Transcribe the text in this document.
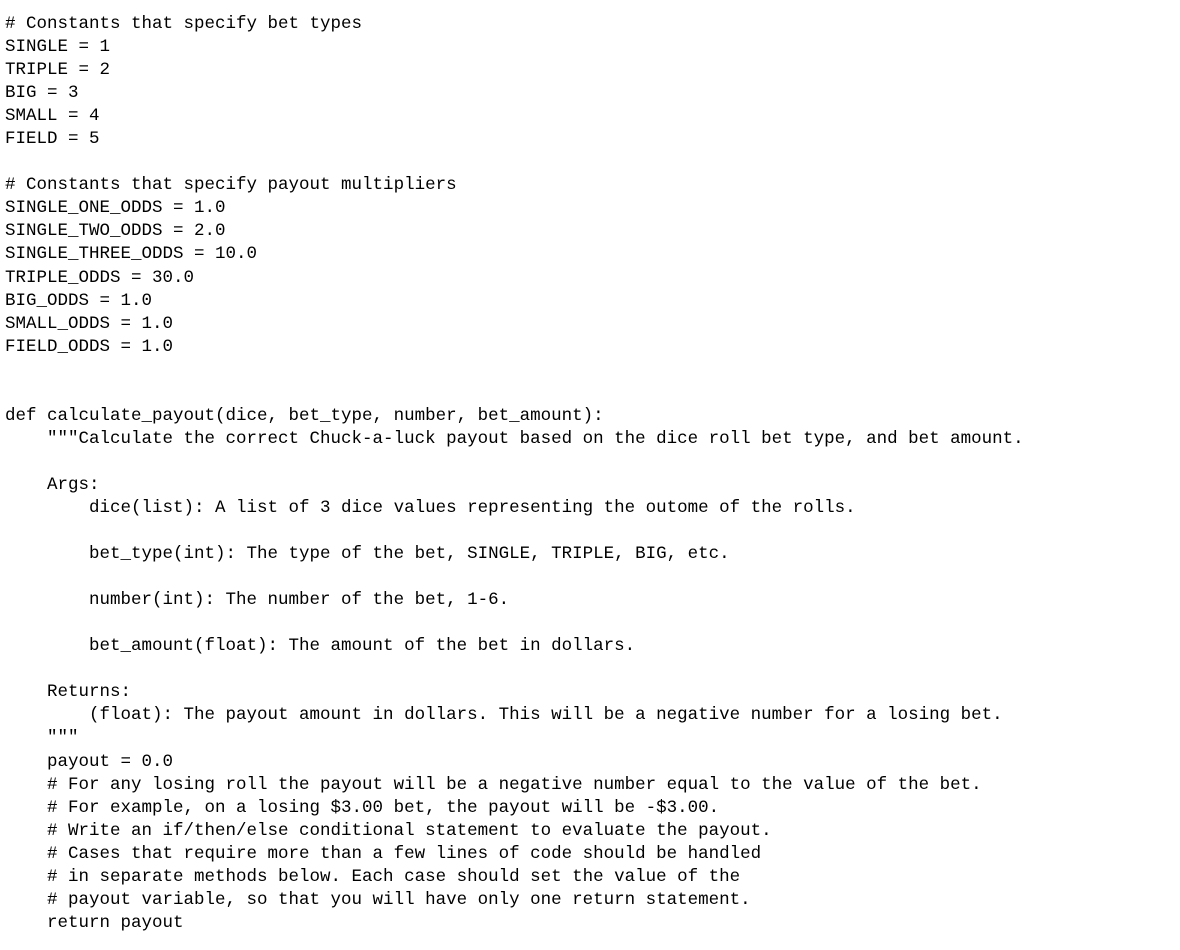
# Constants that specify bet types
SINGLE = 1
TRIPLE = 2
BIG = 3
SMALL = 4
FIELD = 5
# Constants that specify payout multipliers
SINGLE_ONE_ODDS = 1.0
SINGLE_TWO_ODDS = 2.0
SINGLE_THREE_ODDS = 10.0
TRIPLE_ODDS = 30.0
BIG_ODDS = 1.0
SMALL_ODDS = 1.0
FIELD_ODDS = 1.0
def calculate_payout(dice, bet_type, number, bet_amount):
"""Calculate the correct Chuck-a-luck payout based on the dice roll bet type, and bet amount.
Args:
dice(list): A list of 3 dice values representing the outome of the rolls.
bet_type(int): The type of the bet, SINGLE, TRIPLE, BIG, etc.
number(int): The number of the bet, 1-6.
bet_amount(float): The amount of the bet in dollars.
Returns:
(float): The payout amount in dollars. This will be a negative number for a losing bet.
"""
payout = 0.0
# For any losing roll the payout will be a negative number equal to the value of the bet.
# For example, on a losing $3.00 bet, the payout will be -$3.00.
# Write an if/then/else conditional statement to evaluate the payout.
# Cases that require more than a few lines of code should be handled
# in separate methods below. Each case should set the value of the
# payout variable, so that you will have only one return statement.
return payout
